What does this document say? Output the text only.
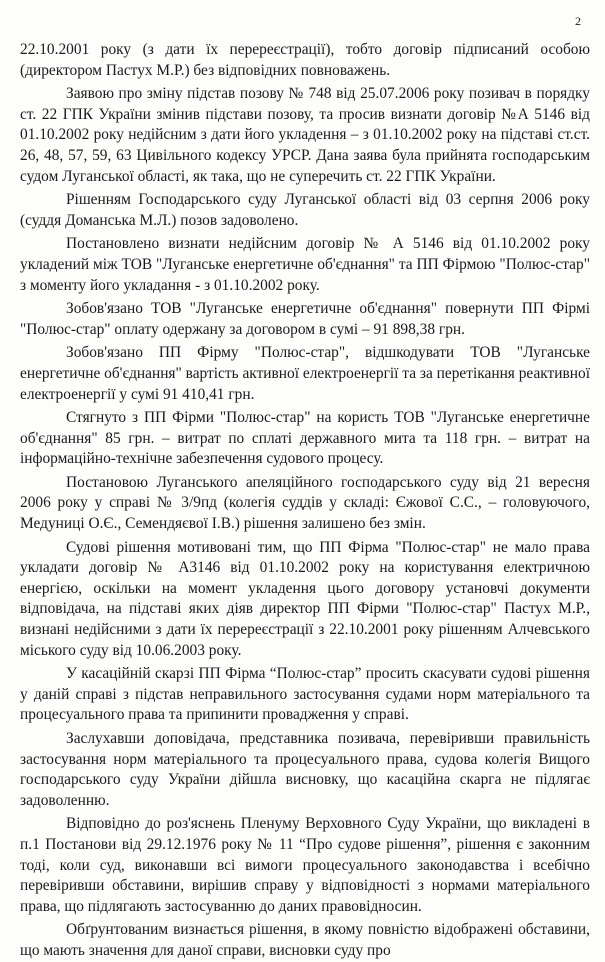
2

22.10.2001 року (з дати їх перереєстрації), тобто договір підписаний особою (директором Пастух М.Р.) без відповідних повноважень.

Заявою про зміну підстав позову № 748 від 25.07.2006 року позивач в порядку ст. 22 ГПК України змінив підстави позову, та просив визнати договір №А 5146 від 01.10.2002 року недійсним з дати його укладення – з 01.10.2002 року на підставі ст.ст. 26, 48, 57, 59, 63 Цивільного кодексу УРСР. Дана заява була прийнята господарським судом Луганської області, як така, що не суперечить ст. 22 ГПК України.

Рішенням Господарського суду Луганської області від 03 серпня 2006 року (суддя Доманська М.Л.) позов задоволено.

Постановлено визнати недійсним договір № А 5146 від 01.10.2002 року укладений між ТОВ "Луганське енергетичне об'єднання" та ПП Фірмою "Полюс-стар" з моменту його укладання - з 01.10.2002 року.

Зобов'язано ТОВ "Луганське енергетичне об'єднання" повернути ПП Фірмі "Полюс-стар" оплату одержану за договором в сумі – 91 898,38 грн.

Зобов'язано ПП Фірму "Полюс-стар", відшкодувати ТОВ "Луганське енергетичне об'єднання" вартість активної електроенергії та за перетікання реактивної електроенергії у сумі 91 410,41 грн.

Стягнуто з ПП Фірми "Полюс-стар" на користь ТОВ "Луганське енергетичне об'єднання" 85 грн. – витрат по сплаті державного мита та 118 грн. – витрат на інформаційно-технічне забезпечення судового процесу.

Постановою Луганського апеляційного господарського суду від 21 вересня 2006 року у справі № 3/9пд (колегія суддів у складі: Єжової С.С., – головуючого, Медуниці О.Є., Семендяєвої І.В.) рішення залишено без змін.

Судові рішення мотивовані тим, що ПП Фірма "Полюс-стар" не мало права укладати договір № А3146 від 01.10.2002 року на користування електричною енергією, оскільки на момент укладення цього договору установчі документи відповідача, на підставі яких діяв директор ПП Фірми "Полюс-стар" Пастух М.Р., визнані недійсними з дати їх перереєстрації з 22.10.2001 року рішенням Алчевського міського суду від 10.06.2003 року.

У касаційній скарзі ПП Фірма “Полюс-стар” просить скасувати судові рішення у даній справі з підстав неправильного застосування судами норм матеріального та процесуального права та припинити провадження у справі.

Заслухавши доповідача, представника позивача, перевіривши правильність застосування норм матеріального та процесуального права, судова колегія Вищого господарського суду України дійшла висновку, що касаційна скарга не підлягає задоволенню.

Відповідно до роз'яснень Пленуму Верховного Суду України, що викладені в п.1 Постанови від 29.12.1976 року № 11 “Про судове рішення”, рішення є законним тоді, коли суд, виконавши всі вимоги процесуального законодавства і всебічно перевіривши обставини, вирішив справу у відповідності з нормами матеріального права, що підлягають застосуванню до даних правовідносин.

Обґрунтованим визнається рішення, в якому повністю відображені обставини, що мають значення для даної справи, висновки суду про
